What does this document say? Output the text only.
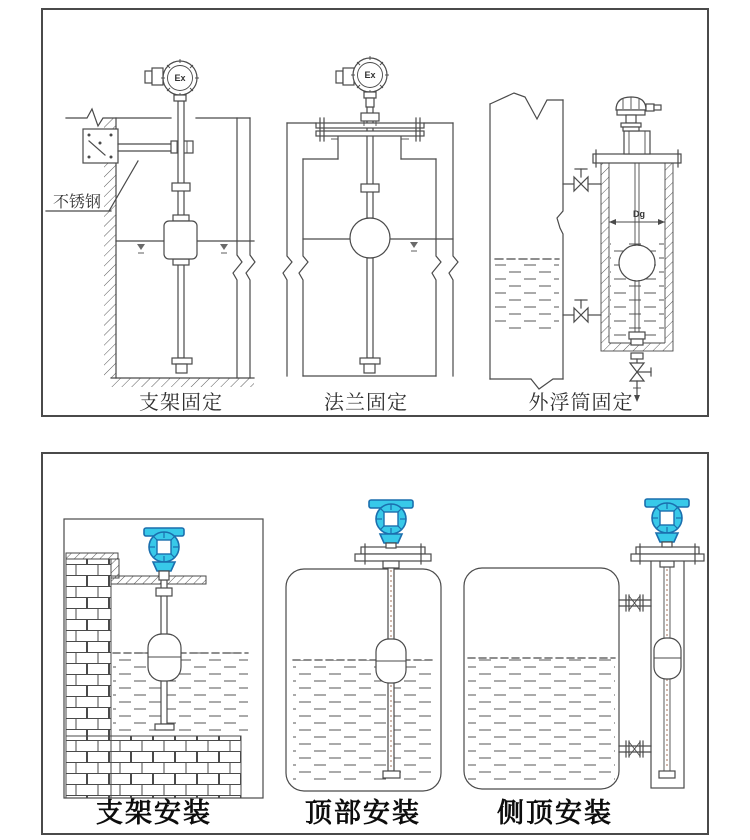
Ex
不锈钢
Ex
Dg
支架固定	法兰固定	外浮筒固定
支架安装	顶部安装	侧顶安装
